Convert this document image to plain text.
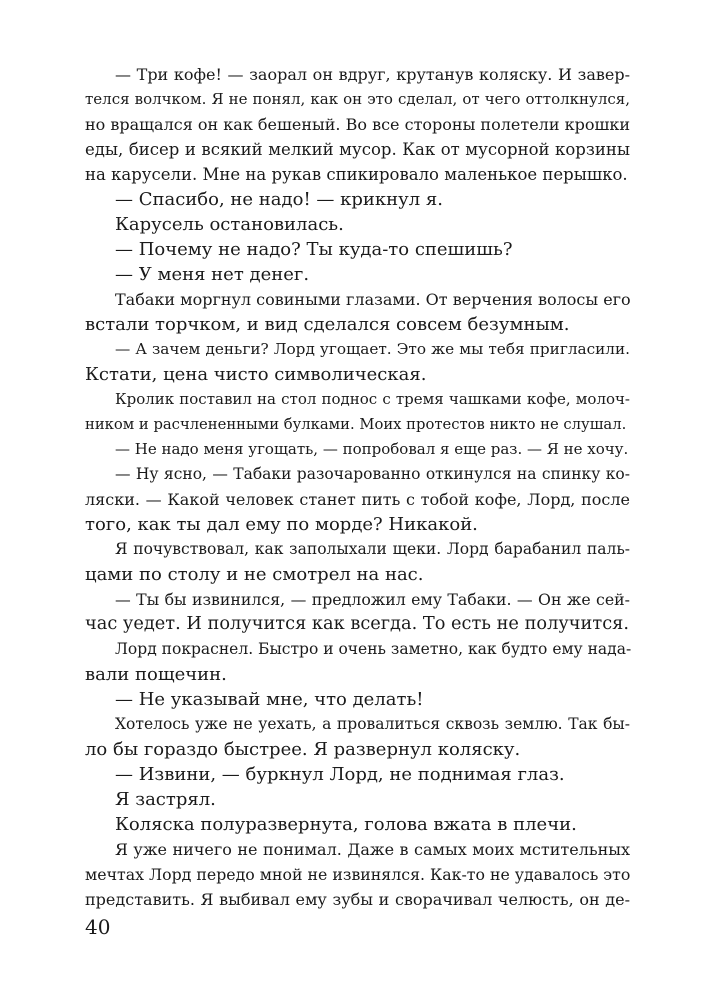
— Три кофе! — заорал он вдруг, крутанув коляску. И завер-
телся волчком. Я не понял, как он это сделал, от чего оттолкнулся,
но вращался он как бешеный. Во все стороны полетели крошки
еды, бисер и всякий мелкий мусор. Как от мусорной корзины
на карусели. Мне на рукав спикировало маленькое перышко.
— Спасибо, не надо! — крикнул я.
Карусель остановилась.
— Почему не надо? Ты куда-то спешишь?
— У меня нет денег.
Табаки моргнул совиными глазами. От верчения волосы его
встали торчком, и вид сделался совсем безумным.
— А зачем деньги? Лорд угощает. Это же мы тебя пригласили.
Кстати, цена чисто символическая.
Кролик поставил на стол поднос с тремя чашками кофе, молоч-
ником и расчлененными булками. Моих протестов никто не слушал.
— Не надо меня угощать, — попробовал я еще раз. — Я не хочу.
— Ну ясно, — Табаки разочарованно откинулся на спинку ко-
ляски. — Какой человек станет пить с тобой кофе, Лорд, после
того, как ты дал ему по морде? Никакой.
Я почувствовал, как заполыхали щеки. Лорд барабанил паль-
цами по столу и не смотрел на нас.
— Ты бы извинился, — предложил ему Табаки. — Он же сей-
час уедет. И получится как всегда. То есть не получится.
Лорд покраснел. Быстро и очень заметно, как будто ему нада-
вали пощечин.
— Не указывай мне, что делать!
Хотелось уже не уехать, а провалиться сквозь землю. Так бы-
ло бы гораздо быстрее. Я развернул коляску.
— Извини, — буркнул Лорд, не поднимая глаз.
Я застрял.
Коляска полуразвернута, голова вжата в плечи.
Я уже ничего не понимал. Даже в самых моих мстительных
мечтах Лорд передо мной не извинялся. Как-то не удавалось это
представить. Я выбивал ему зубы и сворачивал челюсть, он де-
40
